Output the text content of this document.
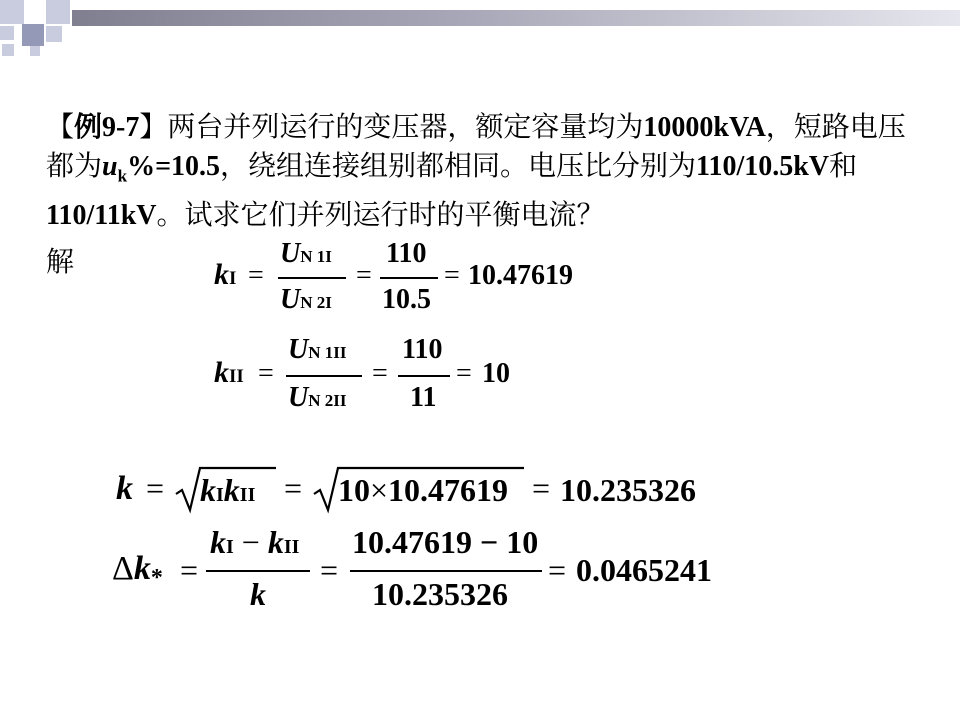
【例9-7】两台并列运行的变压器，额定容量均为10000kVA，短路电压都为$u_k\%=10.5$，绕组连接组别都相同。电压比分别为110/10.5kV和110/11kV。试求它们并列运行时的平衡电流？
解	kI =
UN 1I
UN 2I
=
110
10.5
= 10.47619
kII =
UN 1II
UN 2II
=
110
11
= 10
k = kIkII = 10×10.47619 = 10.235326
Δk* =
kI − kII
k
=
10.47619 − 10
10.235326
= 0.0465241
